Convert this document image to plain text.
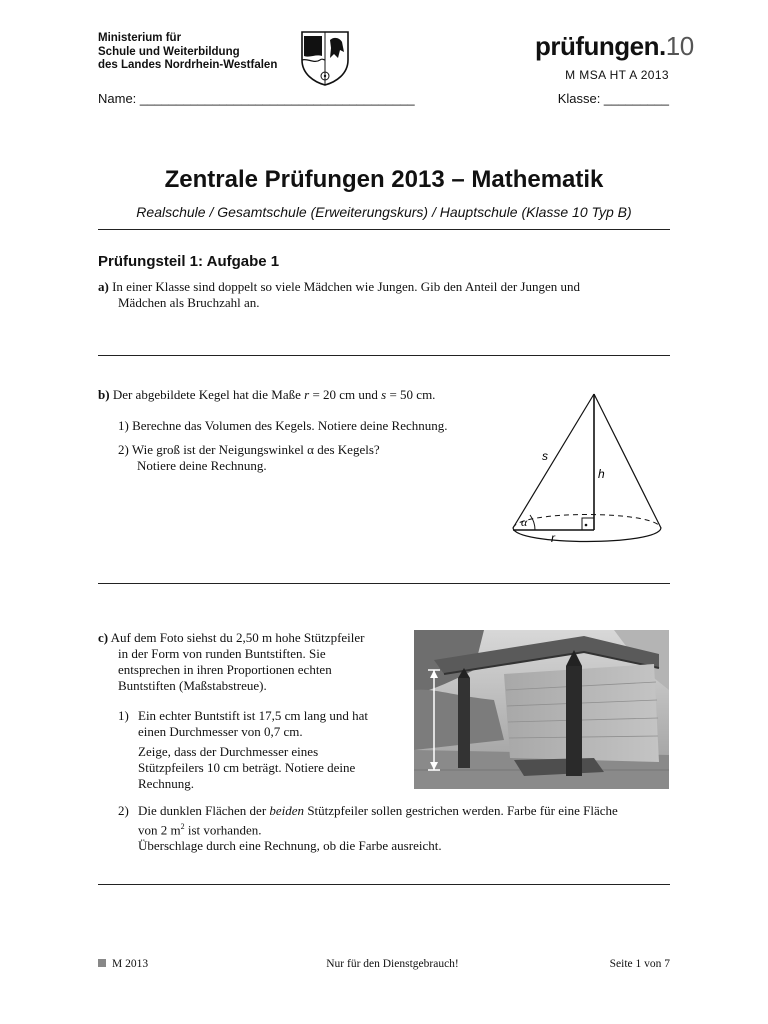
Ministerium für
Schule und Weiterbildung
des Landes Nordrhein-Westfalen
prüfungen.10
M MSA HT A 2013
Name: ______________________________________	Klasse: _________
Zentrale Prüfungen 2013 – Mathematik
Realschule / Gesamtschule (Erweiterungskurs) / Hauptschule (Klasse 10 Typ B)
Prüfungsteil 1: Aufgabe 1
a) In einer Klasse sind doppelt so viele Mädchen wie Jungen. Gib den Anteil der Jungen und
Mädchen als Bruchzahl an.
b) Der abgebildete Kegel hat die Maße r = 20 cm und s = 50 cm.
1) Berechne das Volumen des Kegels. Notiere deine Rechnung.
2) Wie groß ist der Neigungswinkel α des Kegels?
Notiere deine Rechnung.
s
h
α
r
c) Auf dem Foto siehst du 2,50 m hohe Stützpfeiler
in der Form von runden Buntstiften. Sie
entsprechen in ihren Proportionen echten
Buntstiften (Maßstabstreue).
1) Ein echter Buntstift ist 17,5 cm lang und hat
einen Durchmesser von 0,7 cm.
Zeige, dass der Durchmesser eines
Stützpfeilers 10 cm beträgt. Notiere deine
Rechnung.
2) Die dunklen Flächen der beiden Stützpfeiler sollen gestrichen werden. Farbe für eine Fläche
von 2 $m^2$ ist vorhanden.
Überschlage durch eine Rechnung, ob die Farbe ausreicht.
M 2013	Nur für den Dienstgebrauch!	Seite 1 von 7
